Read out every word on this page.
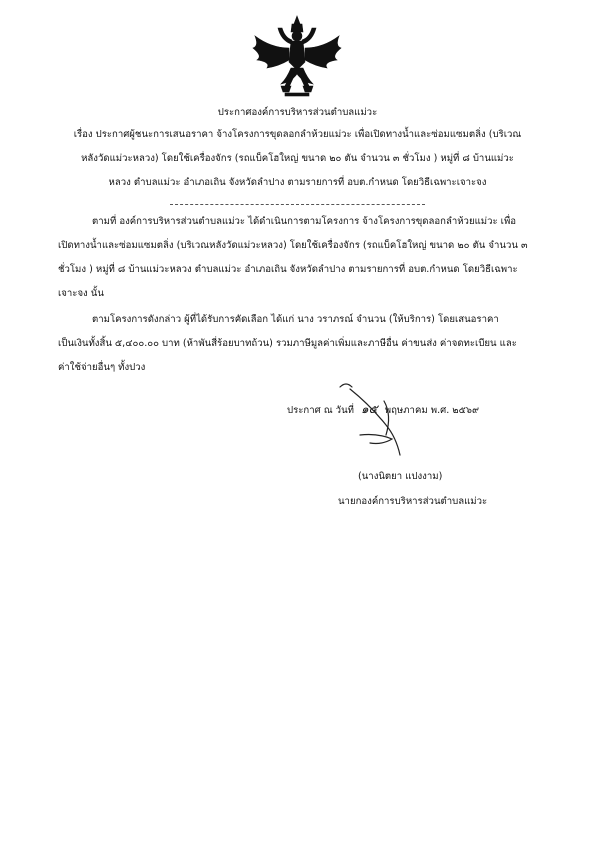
ประกาศองค์การบริหารส่วนตำบลแม่วะ
เรื่อง ประกาศผู้ชนะการเสนอราคา จ้างโครงการขุดลอกลำห้วยแม่วะ เพื่อเปิดทางน้ำและซ่อมแซมตลิ่ง (บริเวณ
หลังวัดแม่วะหลวง) โดยใช้เครื่องจักร (รถแบ็คโฮใหญ่ ขนาด ๒๐ ตัน จำนวน ๓ ชั่วโมง ) หมู่ที่ ๘ บ้านแม่วะ
หลวง ตำบลแม่วะ อำเภอเถิน จังหวัดลำปาง ตามรายการที่ อบต.กำหนด โดยวิธีเฉพาะเจาะจง
ตามที่ องค์การบริหารส่วนตำบลแม่วะ ได้ดำเนินการตามโครงการ จ้างโครงการขุดลอกลำห้วยแม่วะ เพื่อ
เปิดทางน้ำและซ่อมแซมตลิ่ง (บริเวณหลังวัดแม่วะหลวง) โดยใช้เครื่องจักร (รถแบ็คโฮใหญ่ ขนาด ๒๐ ตัน จำนวน ๓
ชั่วโมง ) หมู่ที่ ๘ บ้านแม่วะหลวง ตำบลแม่วะ อำเภอเถิน จังหวัดลำปาง ตามรายการที่ อบต.กำหนด โดยวิธีเฉพาะ
เจาะจง นั้น
ตามโครงการดังกล่าว ผู้ที่ได้รับการคัดเลือก ได้แก่ นาง วราภรณ์ จำนวน (ให้บริการ) โดยเสนอราคา
เป็นเงินทั้งสิ้น ๕,๔๐๐.๐๐ บาท (ห้าพันสี่ร้อยบาทถ้วน) รวมภาษีมูลค่าเพิ่มและภาษีอื่น ค่าขนส่ง ค่าจดทะเบียน และ
ค่าใช้จ่ายอื่นๆ ทั้งปวง
ประกาศ ณ วันที่ ๑๕ พฤษภาคม พ.ศ. ๒๕๖๙
(นางนิตยา แปงงาม)
นายกองค์การบริหารส่วนตำบลแม่วะ
